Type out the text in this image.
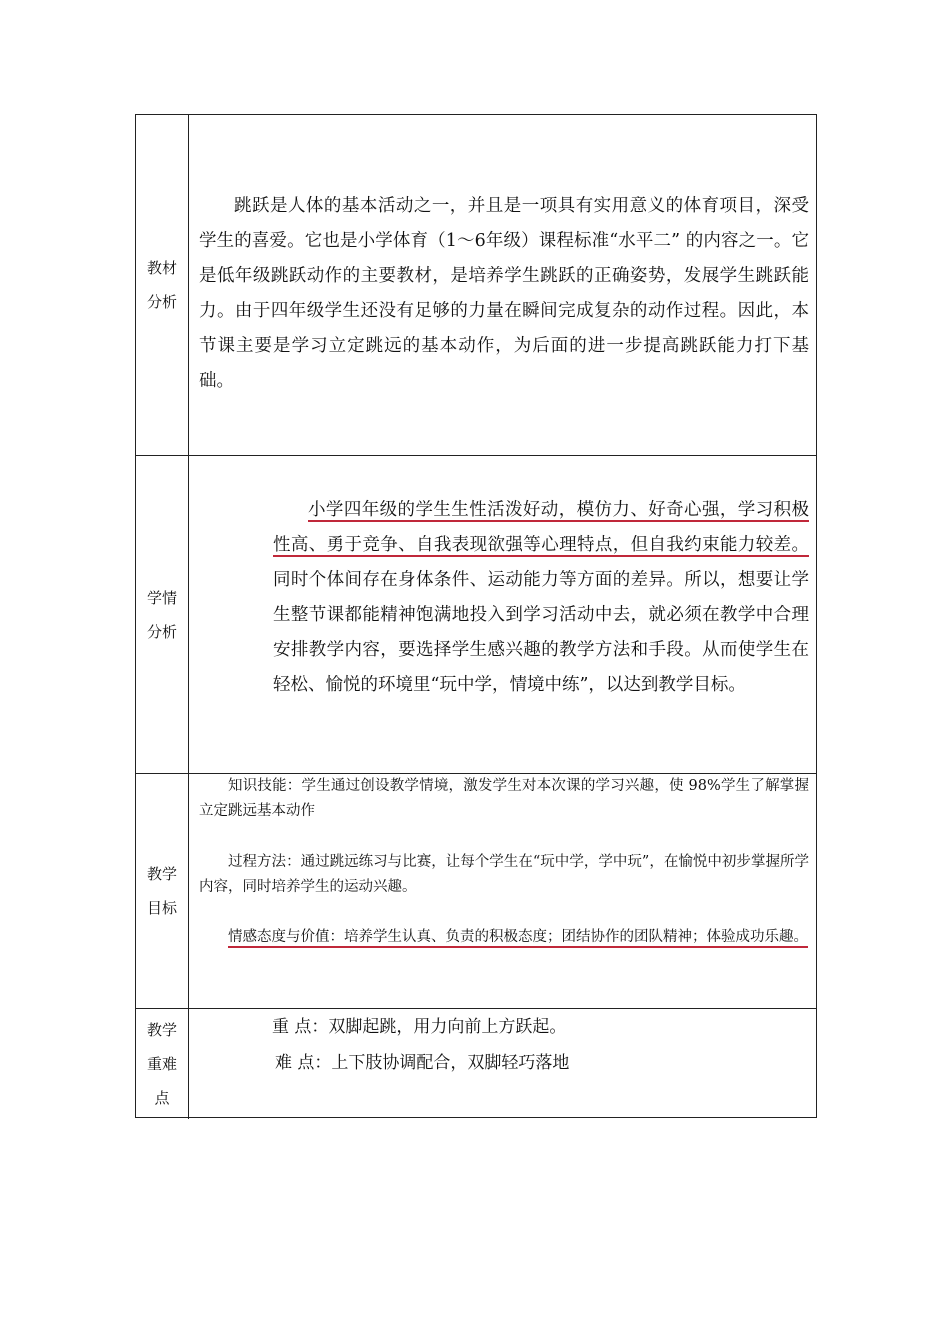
教材分析

跳跃是人体的基本活动之一，并且是一项具有实用意义的体育项目，深受学生的喜爱。它也是小学体育（1～6年级）课程标准“水平二” 的内容之一。它是低年级跳跃动作的主要教材，是培养学生跳跃的正确姿势，发展学生跳跃能力。由于四年级学生还没有足够的力量在瞬间完成复杂的动作过程。因此，本节课主要是学习立定跳远的基本动作，为后面的进一步提高跳跃能力打下基础。

学情分析

小学四年级的学生生性活泼好动，模仿力、好奇心强，学习积极性高、勇于竞争、自我表现欲强等心理特点，但自我约束能力较差。同时个体间存在身体条件、运动能力等方面的差异。所以，想要让学生整节课都能精神饱满地投入到学习活动中去，就必须在教学中合理安排教学内容，要选择学生感兴趣的教学方法和手段。从而使学生在轻松、愉悦的环境里“玩中学，情境中练”，以达到教学目标。

教学目标

知识技能：学生通过创设教学情境，激发学生对本次课的学习兴趣，使 98%学生了解掌握立定跳远基本动作

过程方法：通过跳远练习与比赛，让每个学生在“玩中学，学中玩”，在愉悦中初步掌握所学内容，同时培养学生的运动兴趣。

情感态度与价值：培养学生认真、负责的积极态度；团结协作的团队精神；体验成功乐趣。

教学重难点

重 点：双脚起跳，用力向前上方跃起。

难 点：上下肢协调配合，双脚轻巧落地
